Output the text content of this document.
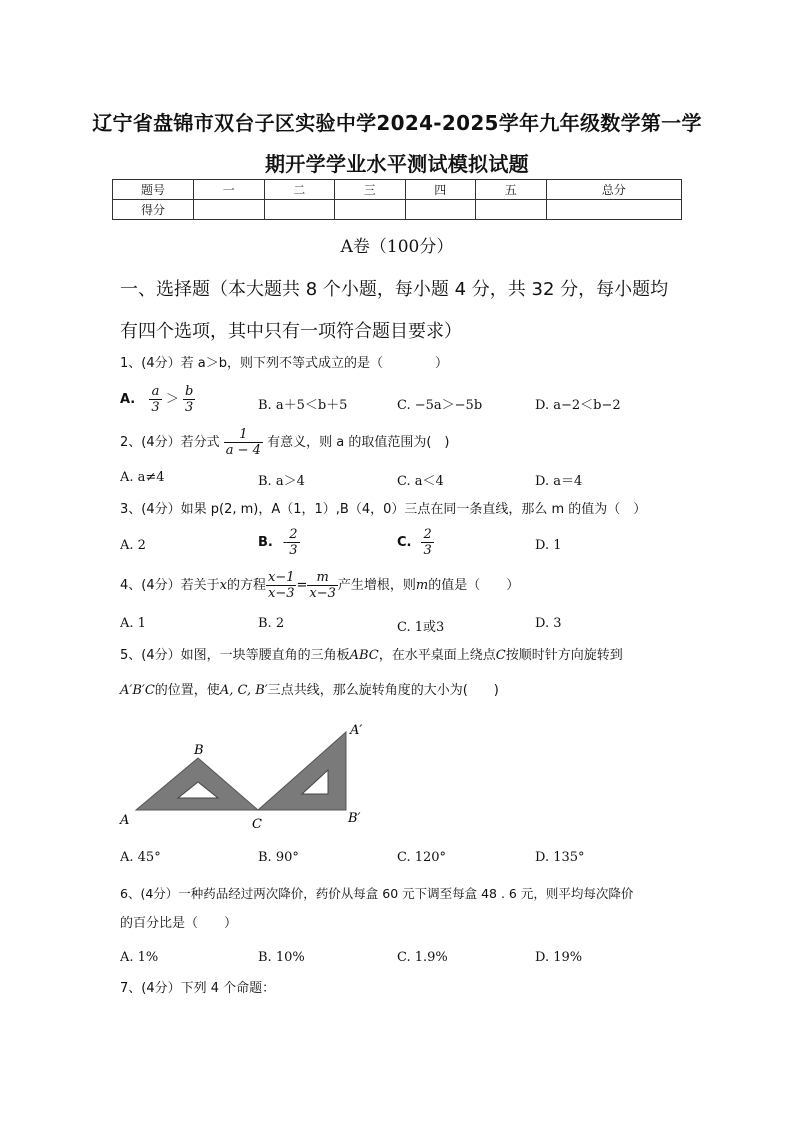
辽宁省盘锦市双台子区实验中学2024-2025学年九年级数学第一学
期开学学业水平测试模拟试题
题号	一	二	三	四	五	总分
得分						
A卷（100分）
一、选择题（本大题共 8 个小题，每小题 4 分，共 32 分，每小题均
有四个选项，其中只有一项符合题目要求）
1、(4分）若 a＞b，则下列不等式成立的是（　　　　）
A. $\frac{a}{3} > \frac{b}{3}$	B. a＋5＜b＋5	C. −5a＞−5b	D. a−2＜b−2
2、(4分）若分式 $\frac{1}{a - 4}$ 有意义，则 a 的取值范围为(　)
A. a≠4	B. a＞4	C. a＜4	D. a＝4
3、(4分）如果 p(2, m)，A（1，1）,B（4，0）三点在同一条直线，那么 m 的值为（　）
A. 2	B. - $\frac{2}{3}$	C. $\frac{2}{3}$	D. 1
4、(4分）若关于x的方程 $\frac{x-1}{x-3} = \frac{m}{x-3}$ 产生增根，则m的值是（　　）
A. 1	B. 2	C. 1或3	D. 3
5、(4分）如图，一块等腰直角的三角板ABC，在水平桌面上绕点C按顺时针方向旋转到
A′B′C的位置，使A, C, B′三点共线，那么旋转角度的大小为(　　)
A
B
C
A′
B′
A. 45°	B. 90°	C. 120°	D. 135°
6、(4分）一种药品经过两次降价，药价从每盒 60 元下调至每盒 48 . 6 元，则平均每次降价
的百分比是（　　）
A. 1%	B. 10%	C. 1.9%	D. 19%
7、(4分）下列 4 个命题：
